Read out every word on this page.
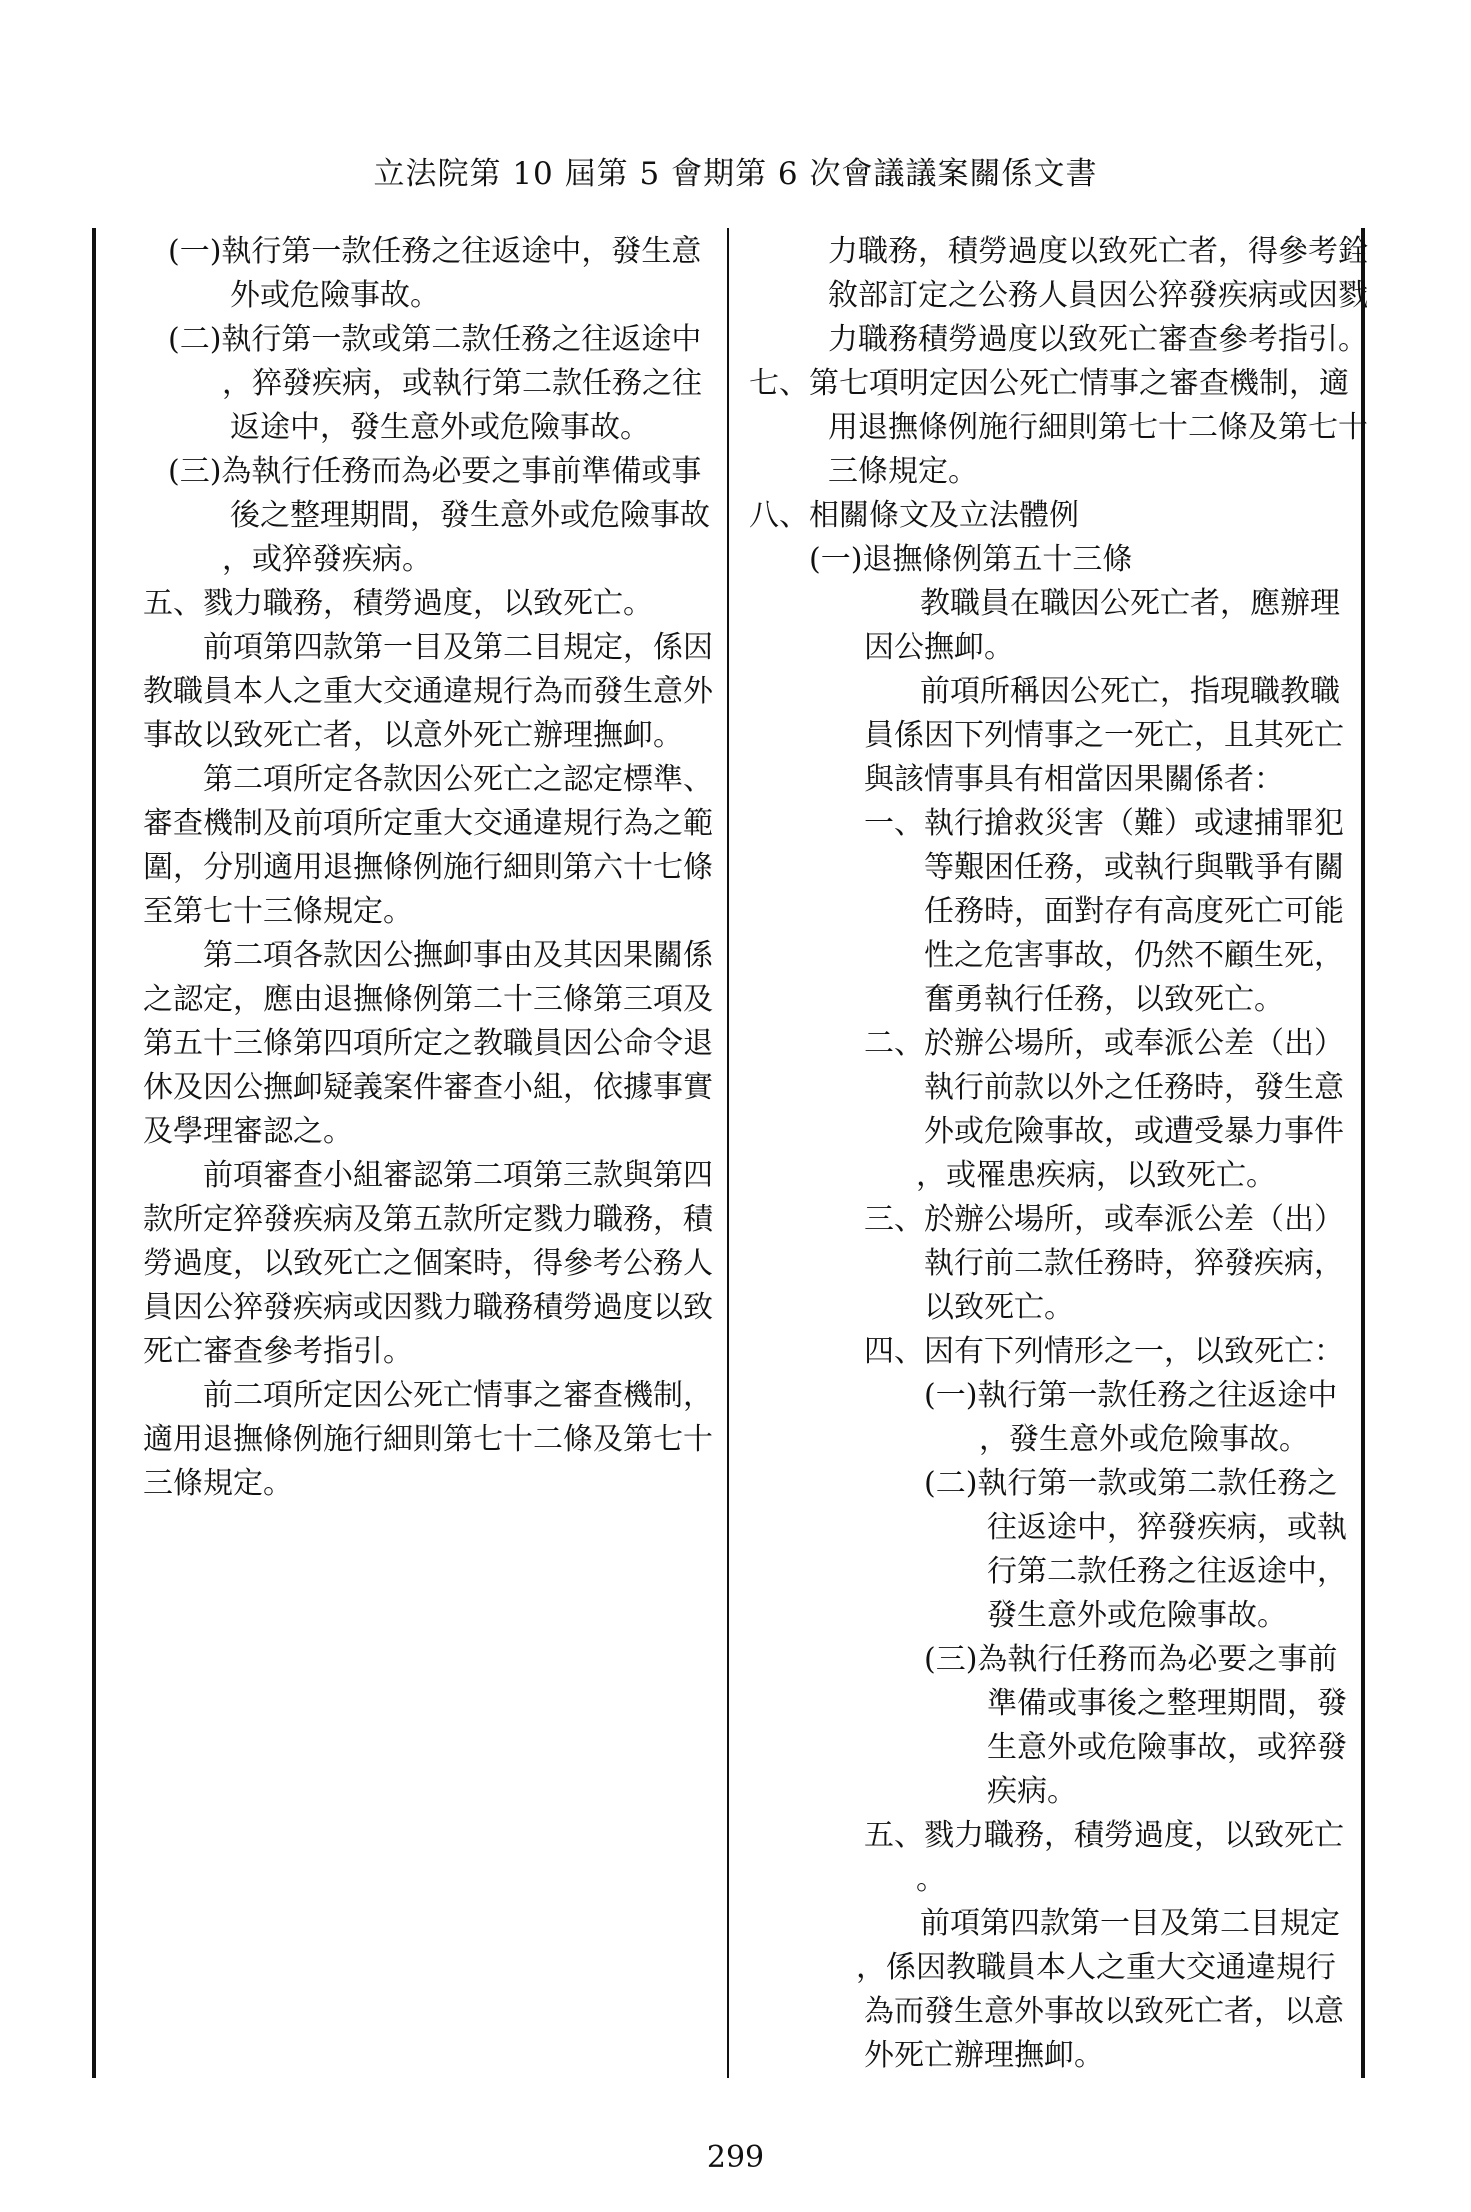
立法院第 10 屆第 5 會期第 6 次會議議案關係文書
(一)執行第一款任務之往返途中，發生意
外或危險事故。
(二)執行第一款或第二款任務之往返途中
，猝發疾病，或執行第二款任務之往
返途中，發生意外或危險事故。
(三)為執行任務而為必要之事前準備或事
後之整理期間，發生意外或危險事故
，或猝發疾病。
五、戮力職務，積勞過度，以致死亡。
前項第四款第一目及第二目規定，係因
教職員本人之重大交通違規行為而發生意外
事故以致死亡者，以意外死亡辦理撫卹。
第二項所定各款因公死亡之認定標準、
審查機制及前項所定重大交通違規行為之範
圍，分別適用退撫條例施行細則第六十七條
至第七十三條規定。
第二項各款因公撫卹事由及其因果關係
之認定，應由退撫條例第二十三條第三項及
第五十三條第四項所定之教職員因公命令退
休及因公撫卹疑義案件審查小組，依據事實
及學理審認之。
前項審查小組審認第二項第三款與第四
款所定猝發疾病及第五款所定戮力職務，積
勞過度，以致死亡之個案時，得參考公務人
員因公猝發疾病或因戮力職務積勞過度以致
死亡審查參考指引。
前二項所定因公死亡情事之審查機制，
適用退撫條例施行細則第七十二條及第七十
三條規定。
力職務，積勞過度以致死亡者，得參考銓
敘部訂定之公務人員因公猝發疾病或因戮
力職務積勞過度以致死亡審查參考指引。
七、第七項明定因公死亡情事之審查機制，適
用退撫條例施行細則第七十二條及第七十
三條規定。
八、相關條文及立法體例
(一)退撫條例第五十三條
教職員在職因公死亡者，應辦理
因公撫卹。
前項所稱因公死亡，指現職教職
員係因下列情事之一死亡，且其死亡
與該情事具有相當因果關係者：
一、執行搶救災害（難）或逮捕罪犯
等艱困任務，或執行與戰爭有關
任務時，面對存有高度死亡可能
性之危害事故，仍然不顧生死，
奮勇執行任務，以致死亡。
二、於辦公場所，或奉派公差（出）
執行前款以外之任務時，發生意
外或危險事故，或遭受暴力事件
，或罹患疾病，以致死亡。
三、於辦公場所，或奉派公差（出）
執行前二款任務時，猝發疾病，
以致死亡。
四、因有下列情形之一，以致死亡：
(一)執行第一款任務之往返途中
，發生意外或危險事故。
(二)執行第一款或第二款任務之
往返途中，猝發疾病，或執
行第二款任務之往返途中，
發生意外或危險事故。
(三)為執行任務而為必要之事前
準備或事後之整理期間，發
生意外或危險事故，或猝發
疾病。
五、戮力職務，積勞過度，以致死亡
。
前項第四款第一目及第二目規定
，係因教職員本人之重大交通違規行
為而發生意外事故以致死亡者，以意
外死亡辦理撫卹。
299
